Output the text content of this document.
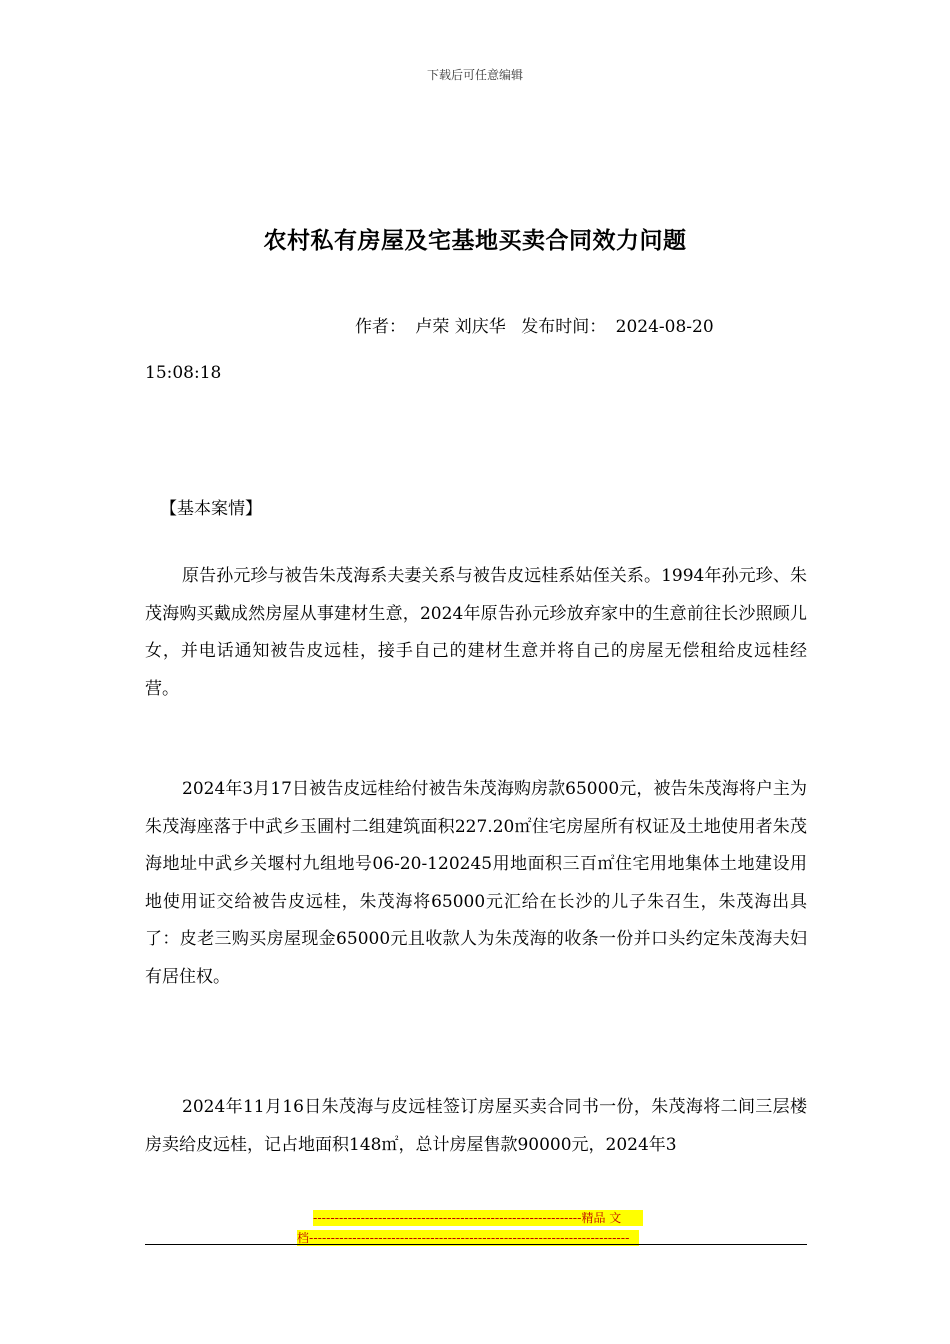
下载后可任意编辑
农村私有房屋及宅基地买卖合同效力问题
作者： 卢荣 刘庆华 发布时间： 2024-08-20
15:08:18
【基本案情】

原告孙元珍与被告朱茂海系夫妻关系与被告皮远桂系姑侄关系。1994年孙元珍、朱茂海购买戴成然房屋从事建材生意，2024年原告孙元珍放弃家中的生意前往长沙照顾儿女，并电话通知被告皮远桂，接手自己的建材生意并将自己的房屋无偿租给皮远桂经营。

2024年3月17日被告皮远桂给付被告朱茂海购房款65000元，被告朱茂海将户主为朱茂海座落于中武乡玉圃村二组建筑面积227.20㎡住宅房屋所有权证及土地使用者朱茂海地址中武乡关堰村九组地号06-20-120245用地面积三百㎡住宅用地集体土地建设用地使用证交给被告皮远桂，朱茂海将65000元汇给在长沙的儿子朱召生，朱茂海出具了：皮老三购买房屋现金65000元且收款人为朱茂海的收条一份并口头约定朱茂海夫妇有居住权。

2024年11月16日朱茂海与皮远桂签订房屋买卖合同书一份，朱茂海将二间三层楼房卖给皮远桂，记占地面积148㎡，总计房屋售款90000元，2024年3

--------------------------------------------------------------精品 文
档--------------------------------------------------------------------------
